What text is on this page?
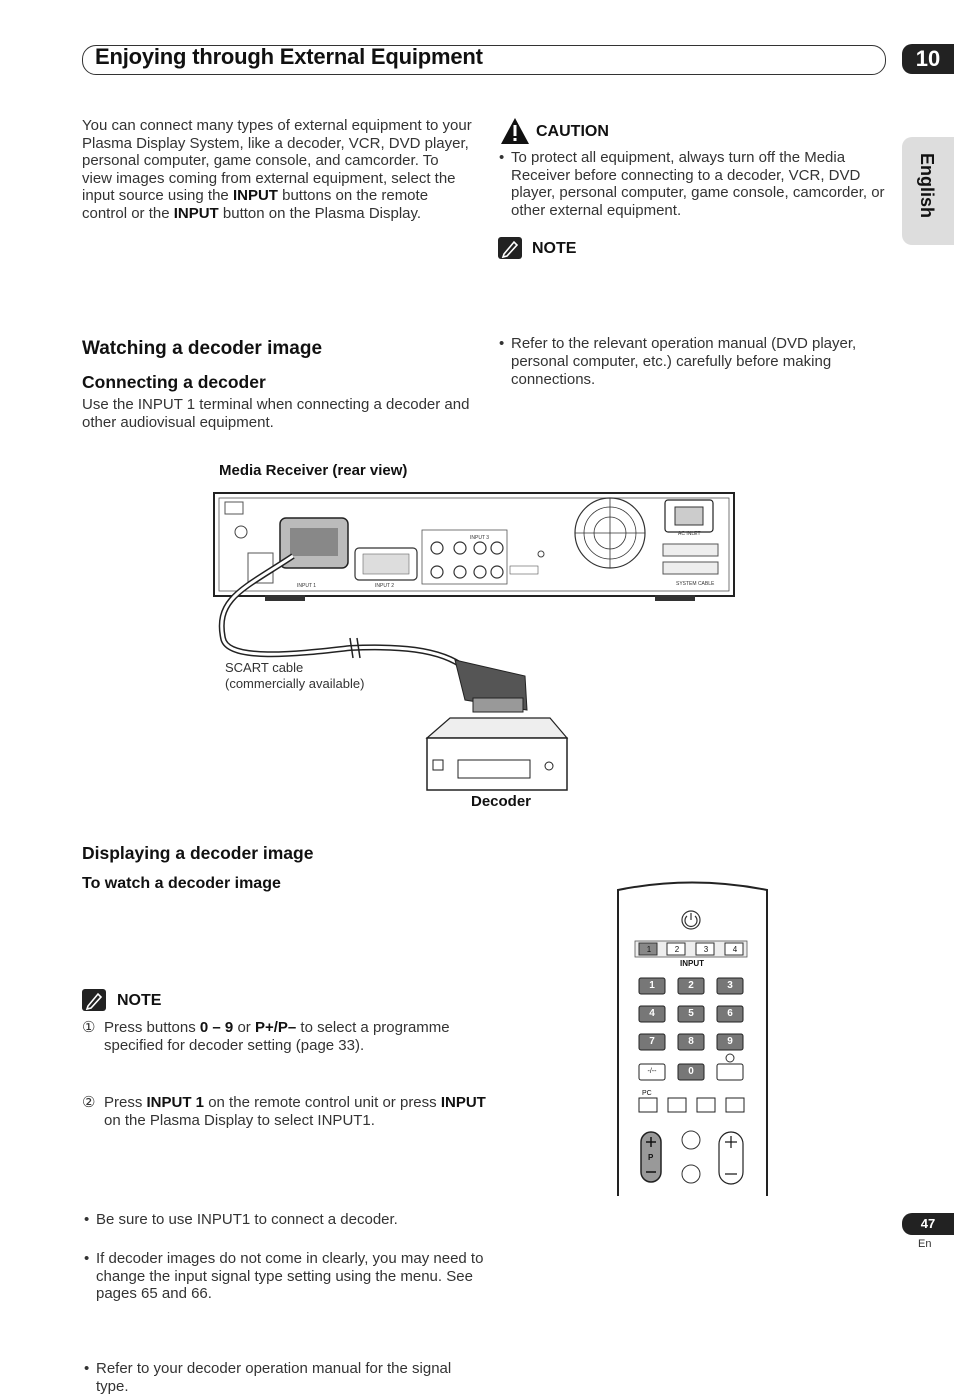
Enjoying through External Equipment	10
English
You can connect many types of external equipment to your Plasma Display System, like a decoder, VCR, DVD player, personal computer, game console, and camcorder. To view images coming from external equipment, select the input source using the INPUT buttons on the remote control or the INPUT button on the Plasma Display.
CAUTION
• To protect all equipment, always turn off the Media Receiver before connecting to a decoder, VCR, DVD player, personal computer, game console, camcorder, or other external equipment.
NOTE
• Refer to the relevant operation manual (DVD player, personal computer, etc.) carefully before making connections.
Watching a decoder image
Connecting a decoder
Use the INPUT 1 terminal when connecting a decoder and other audiovisual equipment.
Media Receiver (rear view)
INPUT 1	INPUT 2
INPUT 3
AC INLET
SYSTEM CABLE
SCART cable
(commercially available)
Decoder
Displaying a decoder image
To watch a decoder image
① Press buttons 0 – 9 or P+/P– to select a programme specified for decoder setting (page 33).
② Press INPUT 1 on the remote control unit or press INPUT on the Plasma Display to select INPUT1.
NOTE
• Be sure to use INPUT1 to connect a decoder.
• If decoder images do not come in clearly, you may need to change the input signal type setting using the menu. See pages 65 and 66.
• Refer to your decoder operation manual for the signal type.
1	2	3	4
INPUT
1	2	3
4	5	6
7	8	9
0
-/--
PC
P
47
En
